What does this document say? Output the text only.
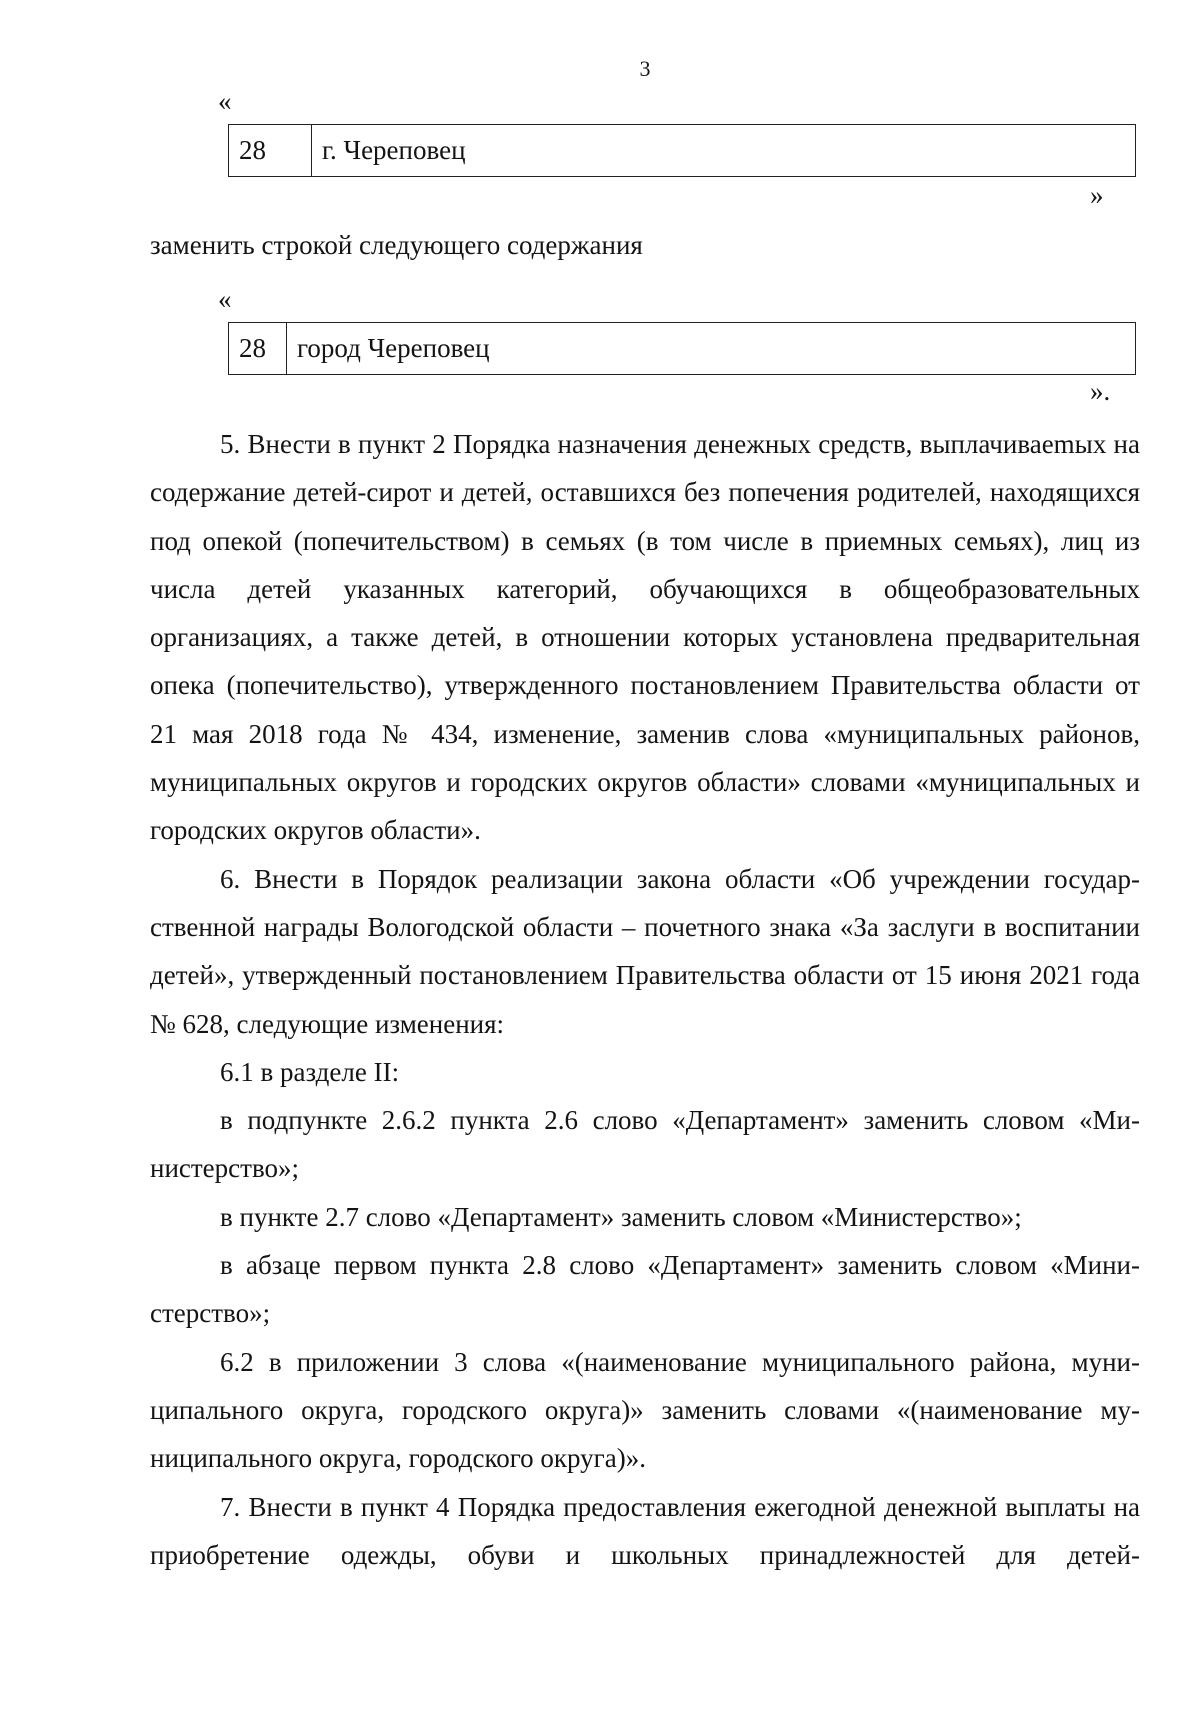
3
«
28	г. Череповец
»
заменить строкой следующего содержания
«
28	город Череповец
».

5. Внести в пункт 2 Порядка назначения денежных средств, выплачиваеmых на содержание детей-сирот и детей, оставшихся без попечения родителей, находящихся под опекой (попечительством) в семьях (в том числе в приемных семьях), лиц из числа детей указанных категорий, обучающихся в общеобразовательных организациях, а также детей, в отношении которых установлена предварительная опека (попечительство), утвержденного постановлением Правительства области от 21 мая 2018 года № 434, изменение, заменив слова «муниципальных районов, муниципальных округов и городских округов области» словами «муниципальных и городских округов области».

6. Внести в Порядок реализации закона области «Об учреждении государственной награды Вологодской области – почетного знака «За заслуги в воспитании детей», утвержденный постановлением Правительства области от 15 июня 2021 года № 628, следующие изменения:

6.1 в разделе II:

в подпункте 2.6.2 пункта 2.6 слово «Департамент» заменить словом «Министерство»;

в пункте 2.7 слово «Департамент» заменить словом «Министерство»;

в абзаце первом пункта 2.8 слово «Департамент» заменить словом «Министерство»;

6.2 в приложении 3 слова «(наименование муниципального района, муниципального округа, городского округа)» заменить словами «(наименование муниципального округа, городского округа)».

7. Внести в пункт 4 Порядка предоставления ежегодной денежной выплаты на приобретение одежды, обуви и школьных принадлежностей для детей-
